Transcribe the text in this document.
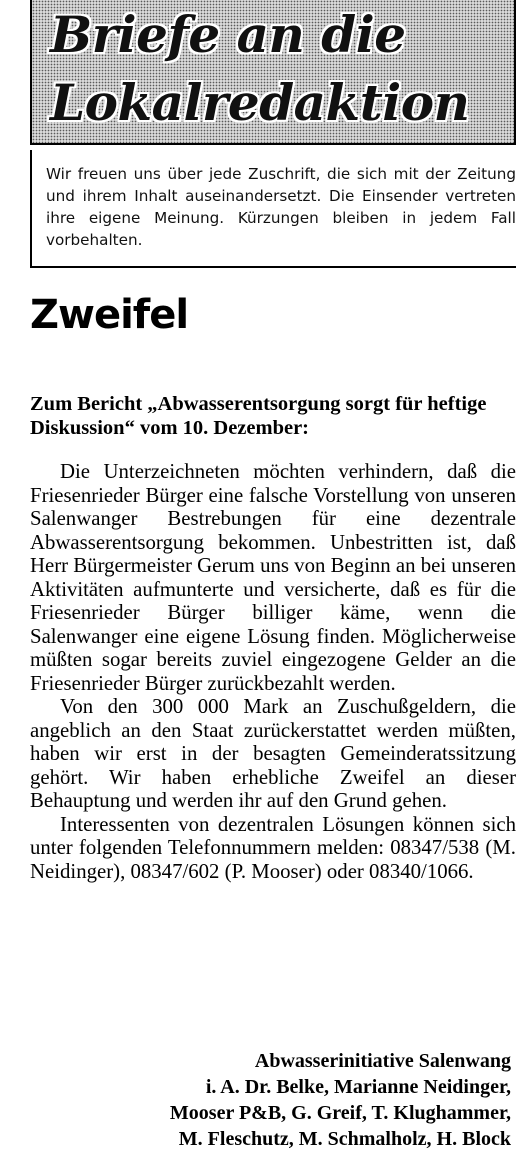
Briefe an die
Lokalredaktion
Wir freuen uns über jede Zuschrift, die sich mit der Zeitung und ihrem Inhalt auseinandersetzt. Die Einsender vertreten ihre eigene Meinung. Kürzungen bleiben in jedem Fall vorbehalten.
Zweifel
Zum Bericht „Abwasserentsorgung sorgt für heftige Diskussion“ vom 10. Dezember:

Die Unterzeichneten möchten verhindern, daß die Friesenrieder Bürger eine falsche Vorstellung von unseren Salenwanger Bestrebungen für eine dezentrale Abwasserentsorgung bekommen. Unbestritten ist, daß Herr Bürgermeister Gerum uns von Beginn an bei unseren Aktivitäten aufmunterte und versicherte, daß es für die Friesenrieder Bürger billiger käme, wenn die Salenwanger eine eigene Lösung finden. Möglicherweise müßten sogar bereits zuviel eingezogene Gelder an die Friesenrieder Bürger zurückbezahlt werden.

Von den 300 000 Mark an Zuschußgeldern, die angeblich an den Staat zurückerstattet werden müßten, haben wir erst in der besagten Gemeinderatssitzung gehört. Wir haben erhebliche Zweifel an dieser Behauptung und werden ihr auf den Grund gehen.

Interessenten von dezentralen Lösungen können sich unter folgenden Telefonnummern melden: 08347/538 (M. Neidinger), 08347/602 (P. Mooser) oder 08340/1066.

Abwasserinitiative Salenwang
i. A. Dr. Belke, Marianne Neidinger,
Mooser P&B, G. Greif, T. Klughammer,
M. Fleschutz, M. Schmalholz, H. Block
